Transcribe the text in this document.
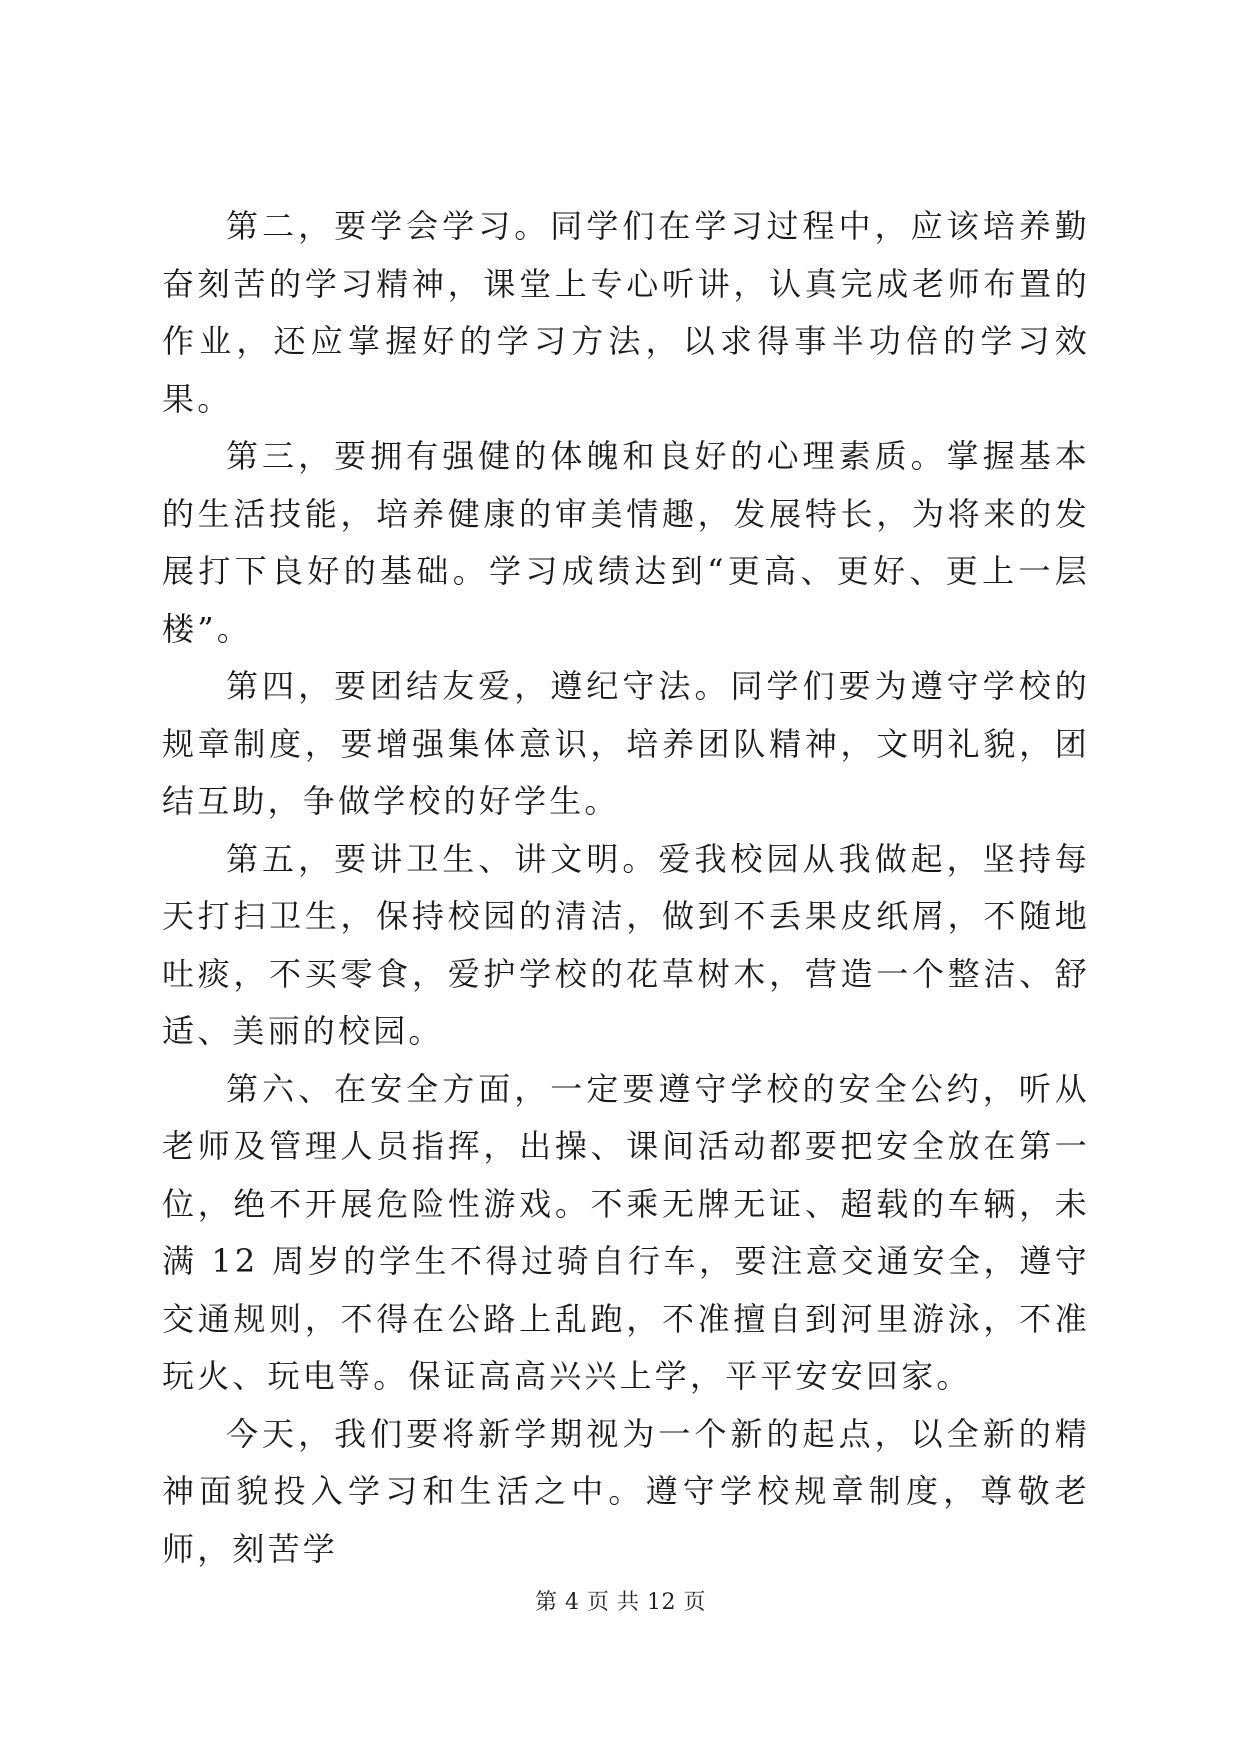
第二，要学会学习。同学们在学习过程中，应该培养勤奋刻苦的学习精神，课堂上专心听讲，认真完成老师布置的作业，还应掌握好的学习方法，以求得事半功倍的学习效果。

第三，要拥有强健的体魄和良好的心理素质。掌握基本的生活技能，培养健康的审美情趣，发展特长，为将来的发展打下良好的基础。学习成绩达到“更高、更好、更上一层楼”。

第四，要团结友爱，遵纪守法。同学们要为遵守学校的规章制度，要增强集体意识，培养团队精神，文明礼貌，团结互助，争做学校的好学生。

第五，要讲卫生、讲文明。爱我校园从我做起，坚持每天打扫卫生，保持校园的清洁，做到不丢果皮纸屑，不随地吐痰，不买零食，爱护学校的花草树木，营造一个整洁、舒适、美丽的校园。

第六、在安全方面，一定要遵守学校的安全公约，听从老师及管理人员指挥，出操、课间活动都要把安全放在第一位，绝不开展危险性游戏。不乘无牌无证、超载的车辆，未满 12 周岁的学生不得过骑自行车，要注意交通安全，遵守交通规则，不得在公路上乱跑，不准擅自到河里游泳，不准玩火、玩电等。保证高高兴兴上学，平平安安回家。

今天，我们要将新学期视为一个新的起点，以全新的精神面貌投入学习和生活之中。遵守学校规章制度，尊敬老师，刻苦学

第 4 页 共 12 页
